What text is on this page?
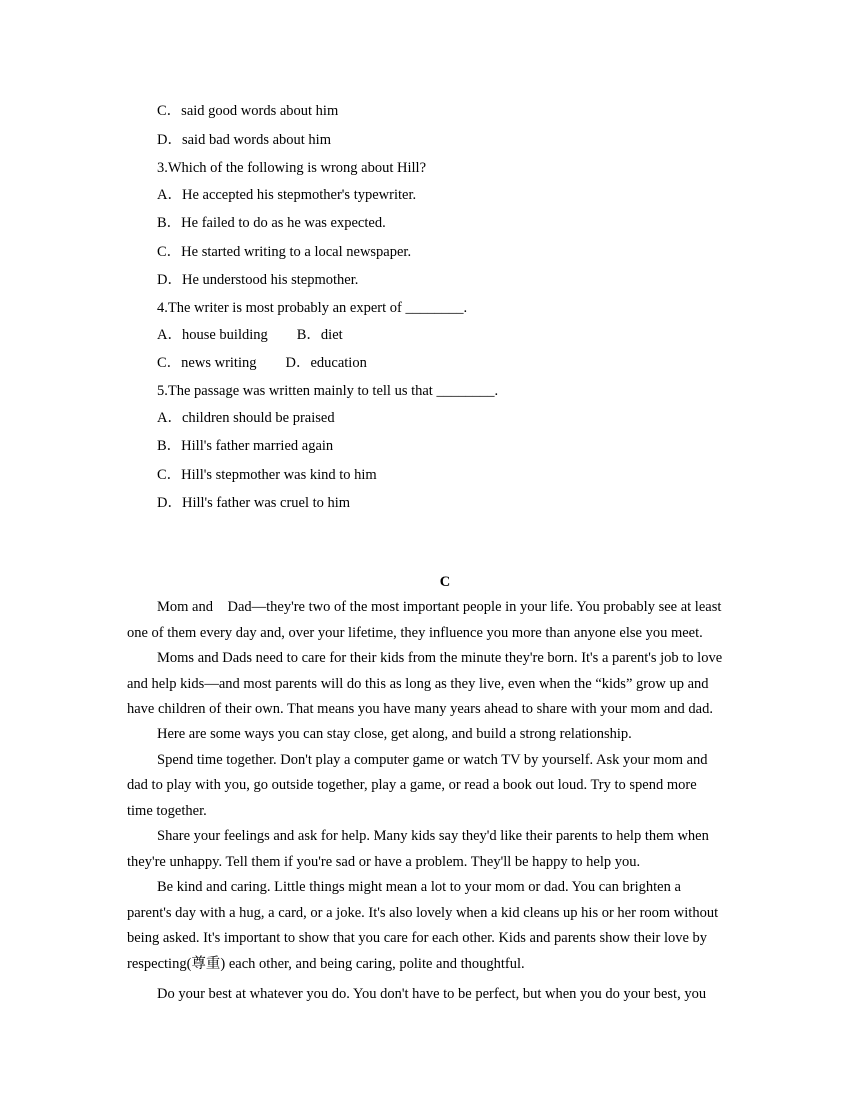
C．said good words about him
D．said bad words about him
3.Which of the following is wrong about Hill?
A．He accepted his stepmother's typewriter.
B．He failed to do as he was expected.
C．He started writing to a local newspaper.
D．He understood his stepmother.
4.The writer is most probably an expert of ________.
A．house building　　B．diet
C．news writing　　D．education
5.The passage was written mainly to tell us that ________.
A．children should be praised
B．Hill's father married again
C．Hill's stepmother was kind to him
D．Hill's father was cruel to him
C
Mom and　Dad—they're two of the most important people in your life. You probably see at least
one of them every day and, over your lifetime, they influence you more than anyone else you meet.
Moms and Dads need to care for their kids from the minute they're born. It's a parent's job to love
and help kids—and most parents will do this as long as they live, even when the “kids” grow up and
have children of their own. That means you have many years ahead to share with your mom and dad.
Here are some ways you can stay close, get along, and build a strong relationship.
Spend time together. Don't play a computer game or watch TV by yourself. Ask your mom and
dad to play with you, go outside together, play a game, or read a book out loud. Try to spend more
time together.
Share your feelings and ask for help. Many kids say they'd like their parents to help them when
they're unhappy. Tell them if you're sad or have a problem. They'll be happy to help you.
Be kind and caring. Little things might mean a lot to your mom or dad. You can brighten a
parent's day with a hug, a card, or a joke. It's also lovely when a kid cleans up his or her room without
being asked. It's important to show that you care for each other. Kids and parents show their love by
respecting(尊重) each other, and being caring, polite and thoughtful.
Do your best at whatever you do. You don't have to be perfect, but when you do your best, you
